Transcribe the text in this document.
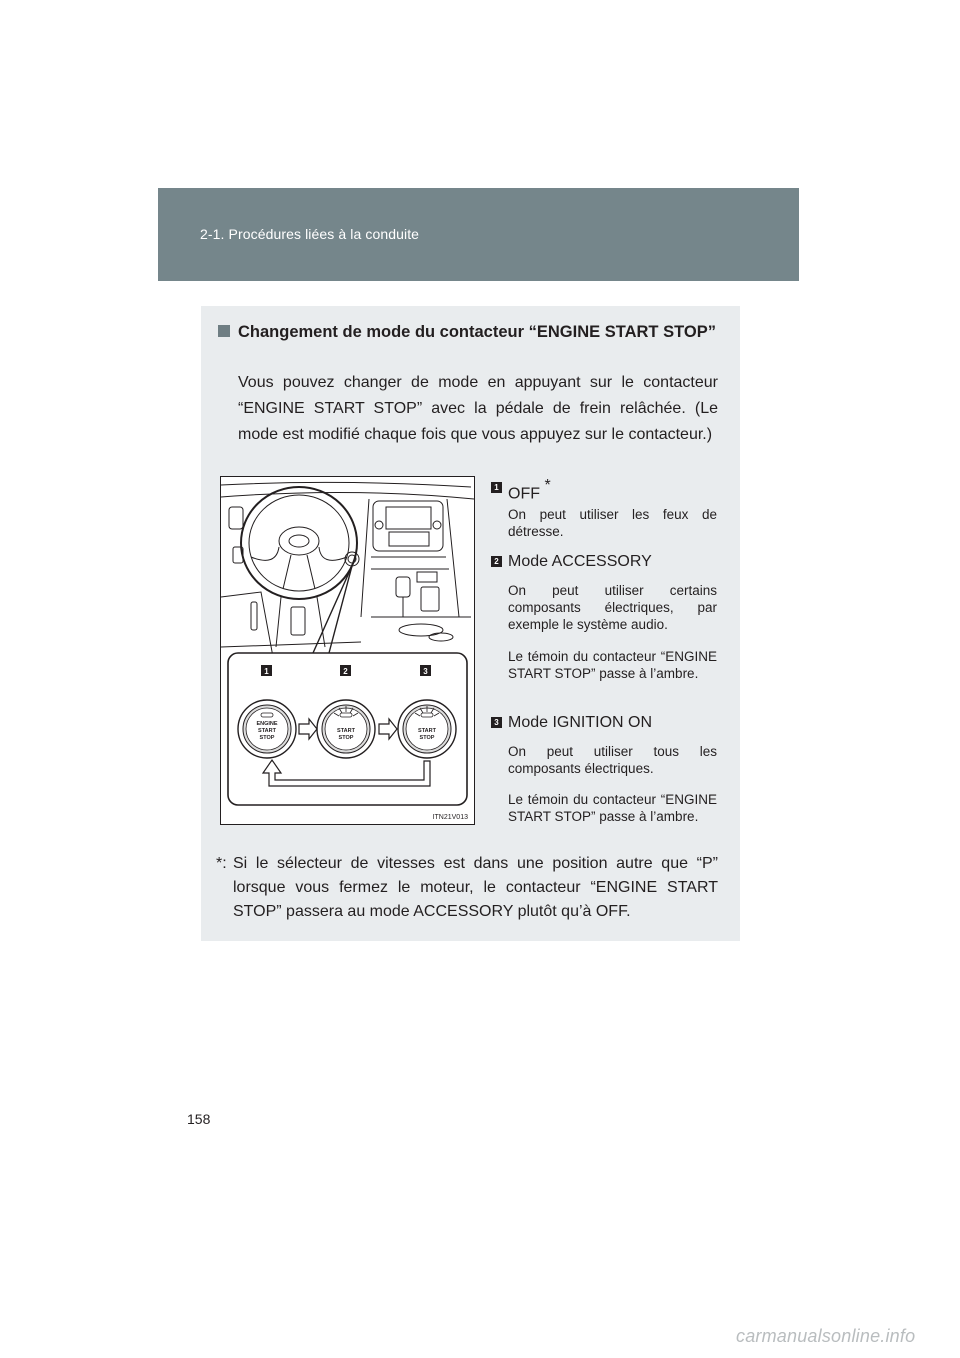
2-1. Procédures liées à la conduite
Changement de mode du contacteur “ENGINE START STOP”
Vous pouvez changer de mode en appuyant sur le contacteur “ENGINE START STOP” avec la pédale de frein relâchée. (Le mode est modifié chaque fois que vous appuyez sur le contacteur.)
1	2	3
ENGINE
START
STOP
START
STOP
START
STOP
ITN21V013
1 OFF *
On peut utiliser les feux de détresse.
2 Mode ACCESSORY
On peut utiliser certains composants électriques, par exemple le système audio.
Le témoin du contacteur “ENGINE START STOP” passe à l’ambre.
3 Mode IGNITION ON
On peut utiliser tous les composants électriques.
Le témoin du contacteur “ENGINE START STOP” passe à l’ambre.
*: Si le sélecteur de vitesses est dans une position autre que “P” lorsque vous fermez le moteur, le contacteur “ENGINE START STOP” passera au mode ACCESSORY plutôt qu’à OFF.
158
carmanualsonline.info
